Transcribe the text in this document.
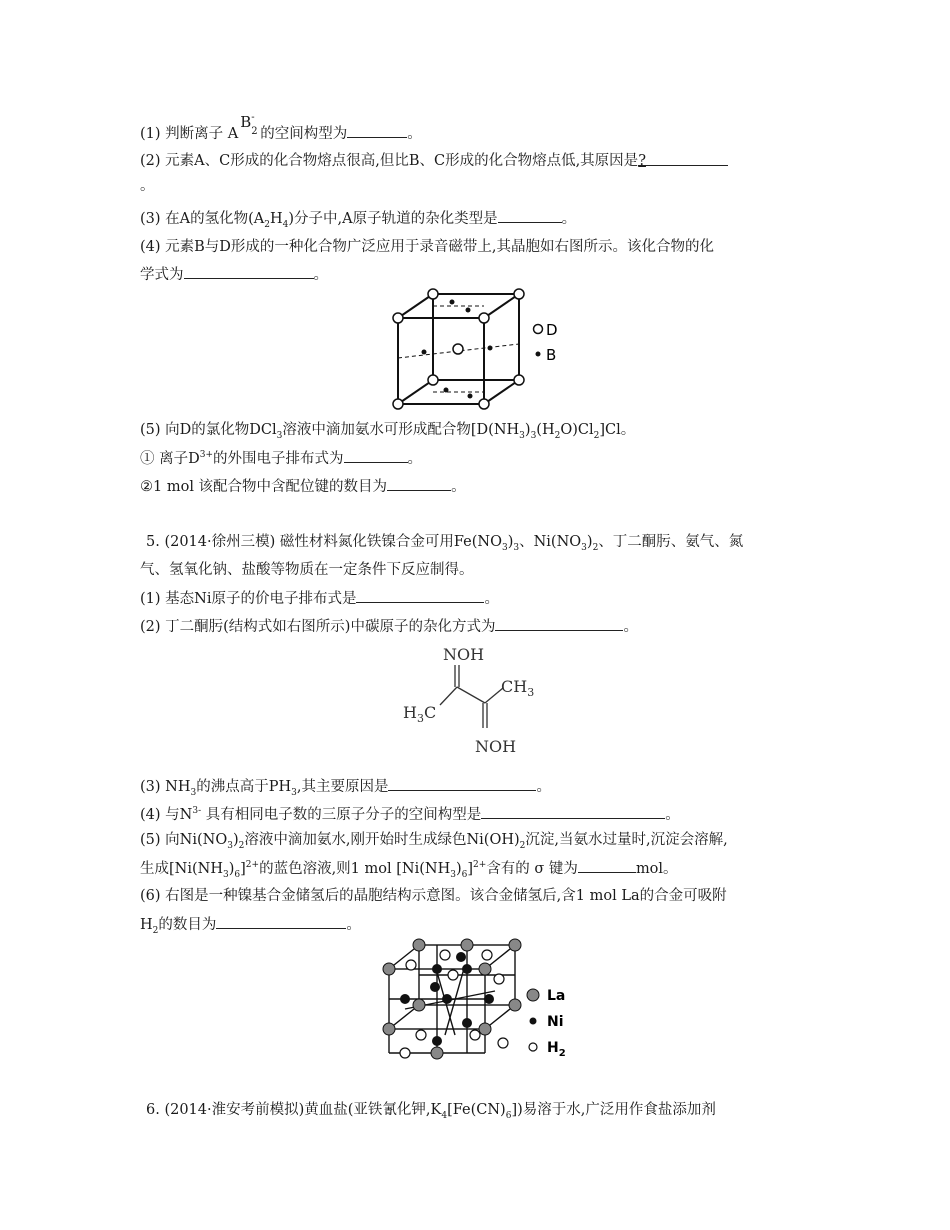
(1) 判断离子 A
B -
2 的空间构型为	。
(2) 元素A、C形成的化合物熔点很高,但比B、C形成的化合物熔点低,其原因是?
。
(3) 在A的氢化物$(A_2H_4)$分子中,A原子轨道的杂化类型是	。
(4) 元素B与D形成的一种化合物广泛应用于录音磁带上,其晶胞如右图所示。该化合物的化
学式为	。
D
B
(5) 向D的氯化物DCl$_3$溶液中滴加氨水可形成配合物$[D(NH_3)_3(H_2O)Cl_2]Cl$。
① 离子$D^{3+}$的外围电子排布式为	。
②1 mol 该配合物中含配位键的数目为	。
5. (2014·徐州三模) 磁性材料氮化铁镍合金可用$Fe(NO_3)_3$、$Ni(NO_3)_2$、丁二酮肟、氨气、氮
气、氢氧化钠、盐酸等物质在一定条件下反应制得。
(1) 基态Ni原子的价电子排布式是	。
(2) 丁二酮肟(结构式如右图所示)中碳原子的杂化方式为	。
NOH
$CH_3$
$H_3C$
NOH
(3) $NH_3$的沸点高于$PH_3$,其主要原因是	。
(4) 与$N^{3-}$ 具有相同电子数的三原子分子的空间构型是	。
(5) 向$Ni(NO_3)_2$溶液中滴加氨水,刚开始时生成绿色$Ni(OH)_2$沉淀,当氨水过量时,沉淀会溶解,
生成$[Ni(NH_3)_6]^{2+}$的蓝色溶液,则1 mol $[Ni(NH_3)_6]^{2+}$含有的 σ 键为	mol。
(6) 右图是一种镍基合金储氢后的晶胞结构示意图。该合金储氢后,含1 mol La的合金可吸附
$H_2$的数目为	。
La
Ni
$H_2$
6. (2014·淮安考前模拟)黄血盐(亚铁氰化钾$,K_4[Fe(CN)_6]$)易溶于水,广泛用作食盐添加剂
